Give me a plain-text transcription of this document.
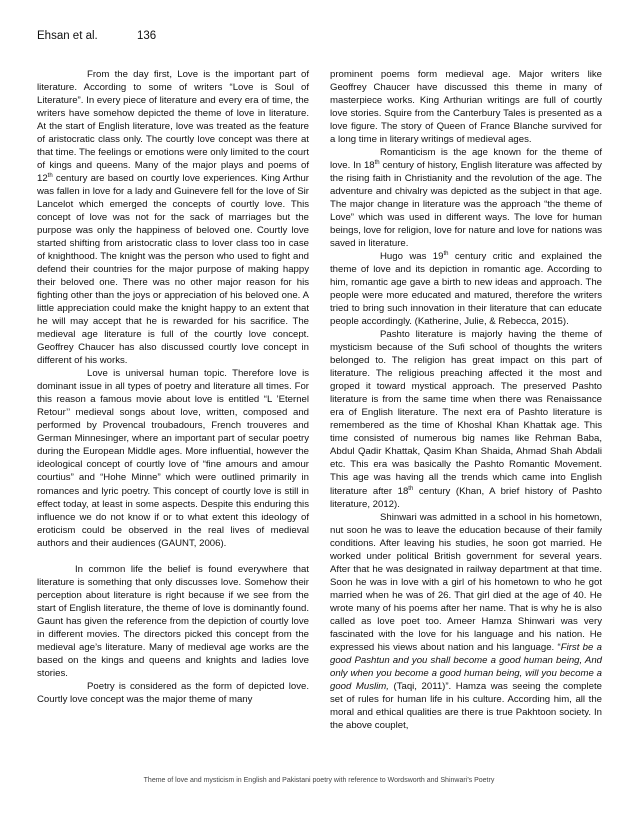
Ehsan et al.	136

From the day first, Love is the important part of literature. According to some of writers “Love is Soul of Literature”. In every piece of literature and every era of time, the writers have somehow depicted the theme of love in literature. At the start of English literature, love was treated as the feature of aristocratic class only. The courtly love concept was there at that time. The feelings or emotions were only limited to the court of kings and queens. Many of the major plays and poems of 12th century are based on courtly love experiences. King Arthur was fallen in love for a lady and Guinevere fell for the love of Sir Lancelot which emerged the concepts of courtly love. This concept of love was not for the sack of marriages but the purpose was only the happiness of beloved one. Courtly love started shifting from aristocratic class to lover class too in case of knighthood. The knight was the person who used to fight and defend their countries for the major purpose of making happy their beloved one. There was no other major reason for his fighting other than the joys or appreciation of his beloved one. A little appreciation could make the knight happy to an extent that he will may accept that he is rewarded for his sacrifice. The medieval age literature is full of the courtly love concept. Geoffrey Chaucer has also discussed courtly love concept in different of his works.

Love is universal human topic. Therefore love is dominant issue in all types of poetry and literature all times. For this reason a famous movie about love is entitled “L ’Eternel Retour’’ medieval songs about love, written, composed and performed by Provencal troubadours, French trouveres and German Minnesinger, where an important part of secular poetry during the European Middle ages. More influential, however the ideological concept of courtly love of “fine amours and amour courtius” and “Hohe Minne” which were outlined primarily in romances and lyric poetry. This concept of courtly love is still in effect today, at least in some aspects. Despite this enduring this influence we do not know if or to what extent this ideology of eroticism could be observed in the real lives of medieval authors and their audiences (GAUNT, 2006).

In common life the belief is found everywhere that literature is something that only discusses love. Somehow their perception about literature is right because if we see from the start of English literature, the theme of love is dominantly found. Gaunt has given the reference from the depiction of courtly love in different movies. The directors picked this concept from the medieval age’s literature. Many of medieval age works are the based on the kings and queens and knights and ladies love stories.

Poetry is considered as the form of depicted love. Courtly love concept was the major theme of many

prominent poems form medieval age. Major writers like Geoffrey Chaucer have discussed this theme in many of masterpiece works. King Arthurian writings are full of courtly love stories. Squire from the Canterbury Tales is presented as a love figure. The story of Queen of France Blanche survived for a long time in literary writings of medieval ages.

Romanticism is the age known for the theme of love. In 18th century of history, English literature was affected by the rising faith in Christianity and the revolution of the age. The adventure and chivalry was depicted as the subject in that age. The major change in literature was the approach “the theme of Love” which was used in different ways. The love for human beings, love for religion, love for nature and love for nations was saved in literature.

Hugo was 19th century critic and explained the theme of love and its depiction in romantic age. According to him, romantic age gave a birth to new ideas and approach. The people were more educated and matured, therefore the writers tried to bring such innovation in their literature that can educate people accordingly. (Katherine, Julie, & Rebecca, 2015).

Pashto literature is majorly having the theme of mysticism because of the Sufi school of thoughts the writers belonged to. The religion has great impact on this part of literature. The religious preaching affected it the most and groped it toward mystical approach. The preserved Pashto literature is from the same time when there was Renaissance era of English literature. The next era of Pashto literature is remembered as the time of Khoshal Khan Khattak age. This time consisted of numerous big names like Rehman Baba, Abdul Qadir Khattak, Qasim Khan Shaida, Ahmad Shah Abdali etc. This era was basically the Pashto Romantic Movement. This age was having all the trends which came into English literature after 18th century (Khan, A brief history of Pashto literature, 2012).

Shinwari was admitted in a school in his hometown, nut soon he was to leave the education because of their family conditions. After leaving his studies, he soon got married. He worked under political British government for several years. After that he was designated in railway department at that time. Soon he was in love with a girl of his hometown to who he got married when he was of 26. That girl died at the age of 40. He wrote many of his poems after her name. That is why he is also called as love poet too. Ameer Hamza Shinwari was very fascinated with the love for his language and his nation. He expressed his views about nation and his language. “First be a good Pashtun and you shall become a good human being, And only when you become a good human being, will you become a good Muslim, (Taqi, 2011)”. Hamza was seeing the complete set of rules for human life in his culture. According him, all the moral and ethical qualities are there is true Pakhtoon society. In the above couplet,

Theme of love and mysticism in English and Pakistani poetry with reference to Wordsworth and Shinwari’s Poetry
